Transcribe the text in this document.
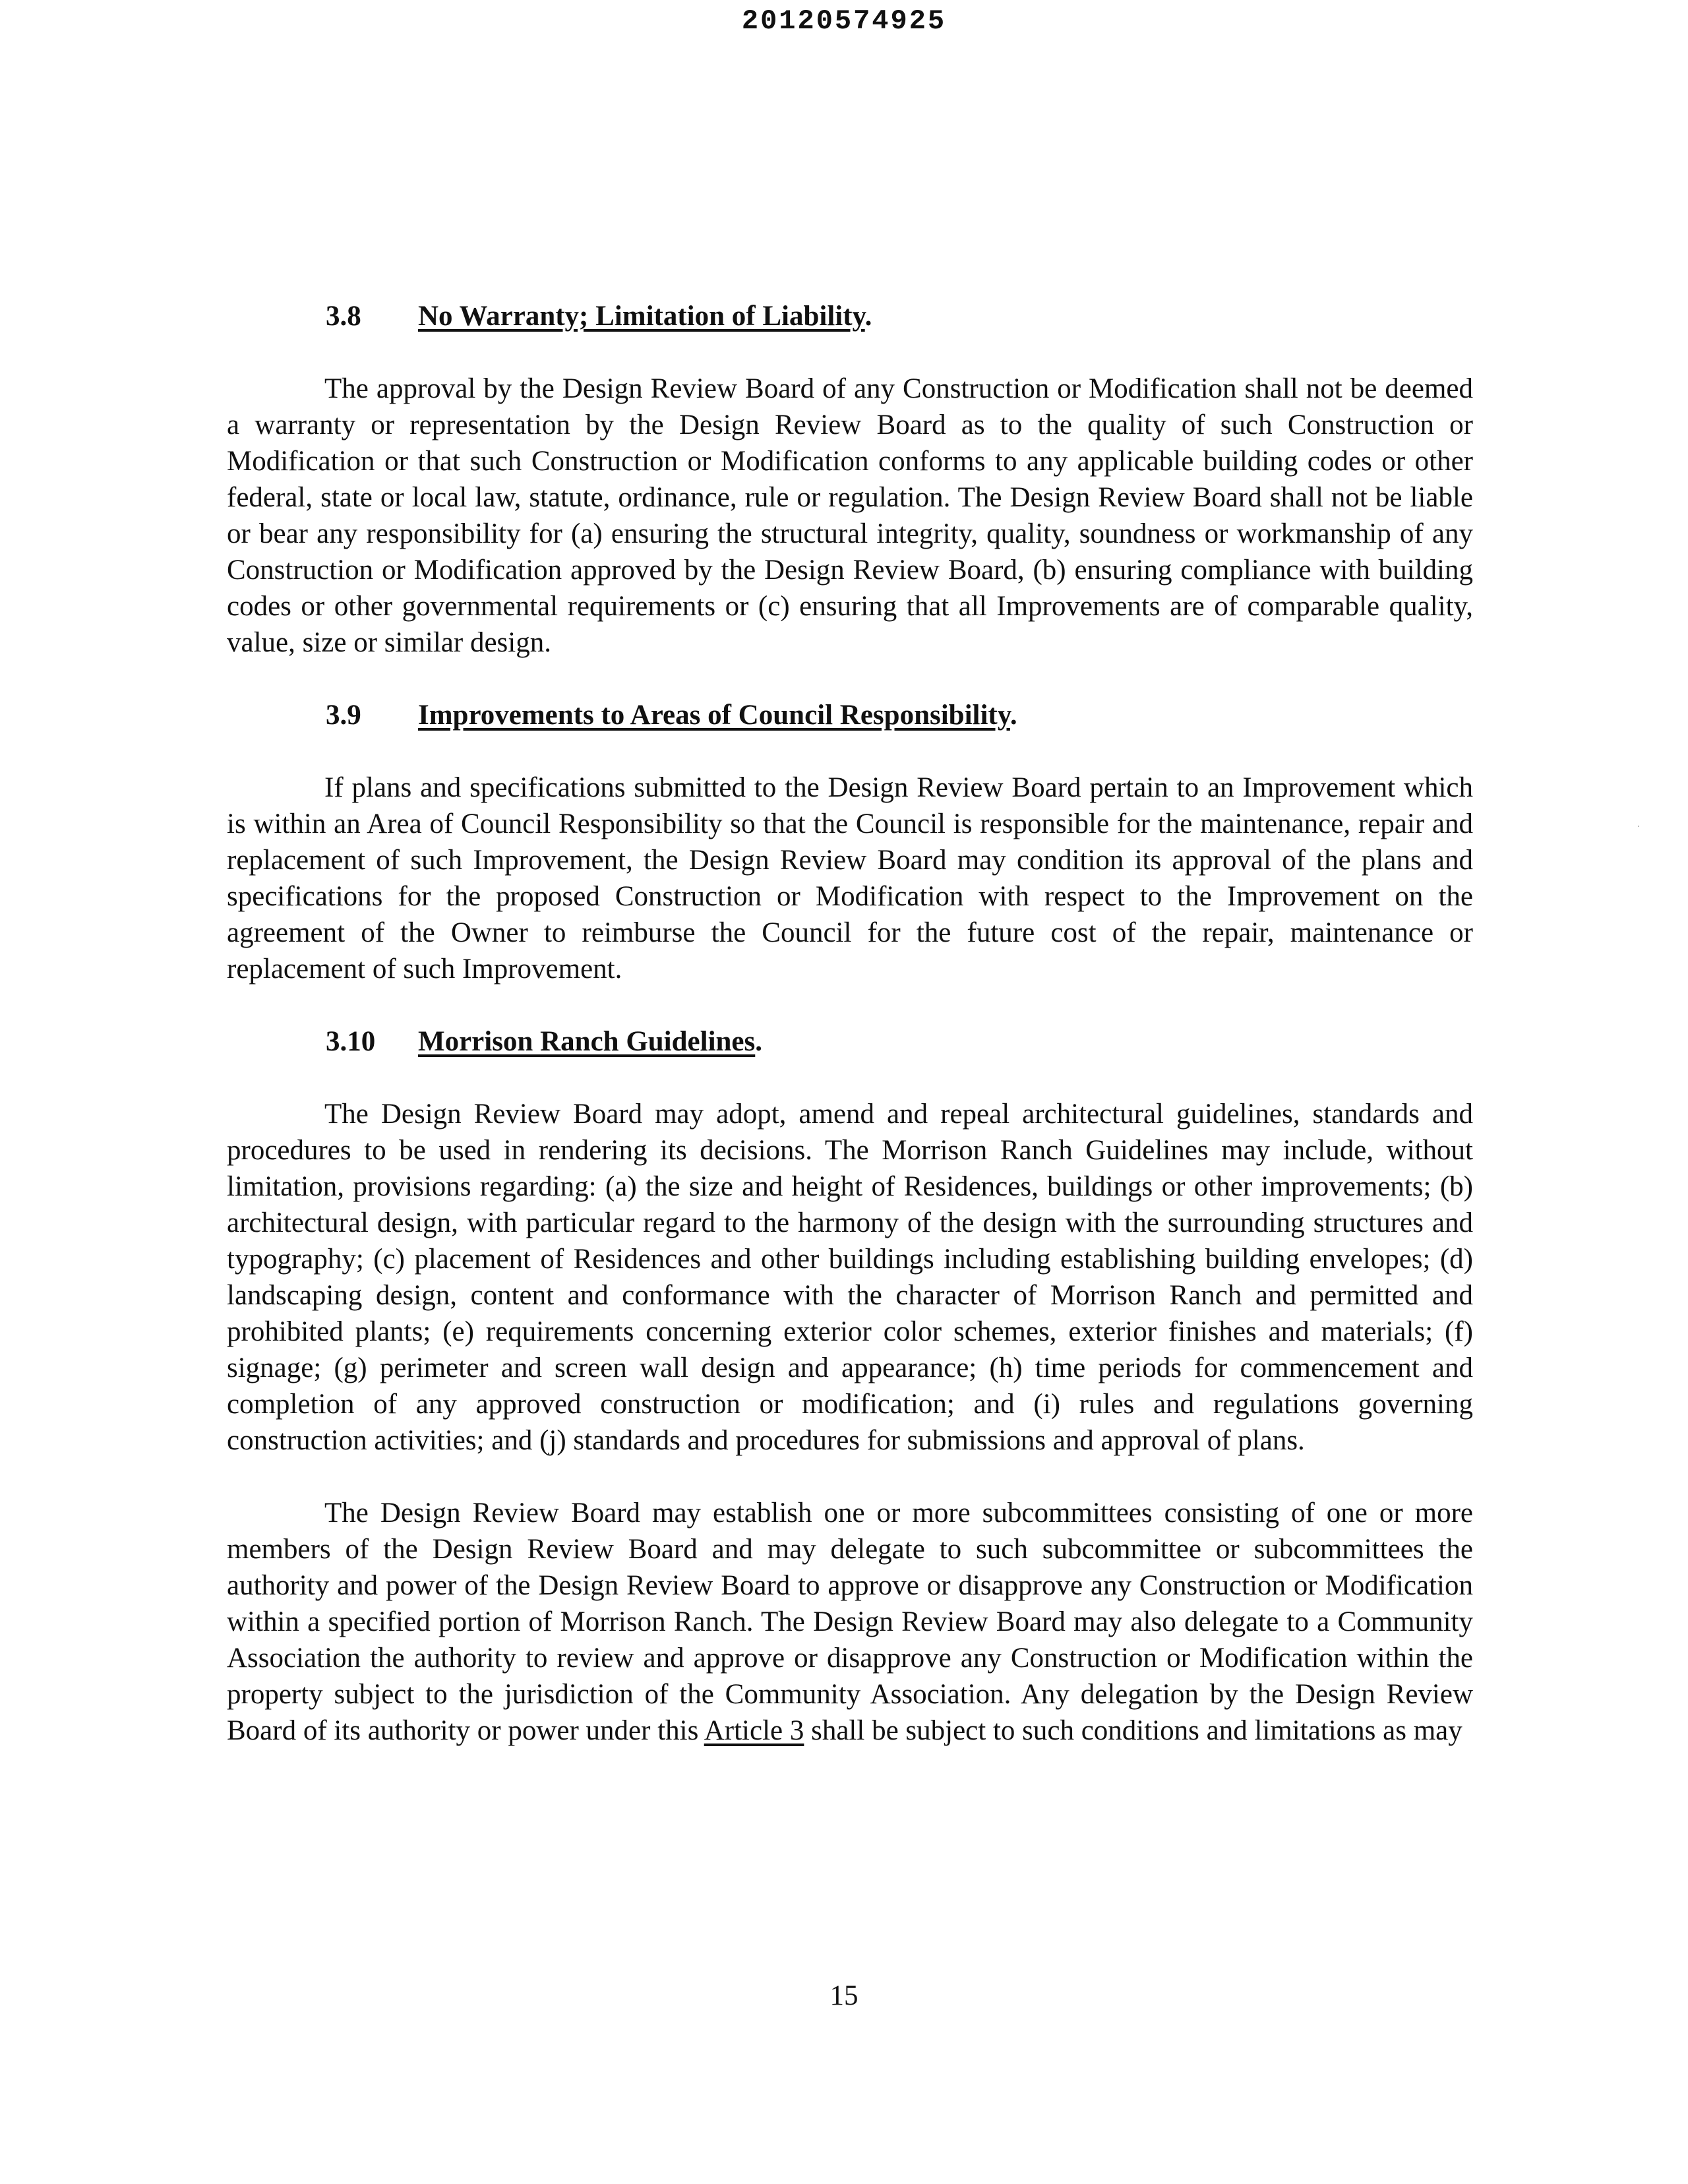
20120574925

3.8 No Warranty; Limitation of Liability.

The approval by the Design Review Board of any Construction or Modification shall not be deemed a warranty or representation by the Design Review Board as to the quality of such Construction or Modification or that such Construction or Modification conforms to any applicable building codes or other federal, state or local law, statute, ordinance, rule or regulation. The Design Review Board shall not be liable or bear any responsibility for (a) ensuring the structural integrity, quality, soundness or workmanship of any Construction or Modification approved by the Design Review Board, (b) ensuring compliance with building codes or other governmental requirements or (c) ensuring that all Improvements are of comparable quality, value, size or similar design.

3.9 Improvements to Areas of Council Responsibility.

If plans and specifications submitted to the Design Review Board pertain to an Improvement which is within an Area of Council Responsibility so that the Council is responsible for the maintenance, repair and replacement of such Improvement, the Design Review Board may condition its approval of the plans and specifications for the proposed Construction or Modification with respect to the Improvement on the agreement of the Owner to reimburse the Council for the future cost of the repair, maintenance or replacement of such Improvement.

3.10 Morrison Ranch Guidelines.

The Design Review Board may adopt, amend and repeal architectural guidelines, standards and procedures to be used in rendering its decisions. The Morrison Ranch Guidelines may include, without limitation, provisions regarding: (a) the size and height of Residences, buildings or other improvements; (b) architectural design, with particular regard to the harmony of the design with the surrounding structures and typography; (c) placement of Residences and other buildings including establishing building envelopes; (d) landscaping design, content and conformance with the character of Morrison Ranch and permitted and prohibited plants; (e) requirements concerning exterior color schemes, exterior finishes and materials; (f) signage; (g) perimeter and screen wall design and appearance; (h) time periods for commencement and completion of any approved construction or modification; and (i) rules and regulations governing construction activities; and (j) standards and procedures for submissions and approval of plans.

The Design Review Board may establish one or more subcommittees consisting of one or more members of the Design Review Board and may delegate to such subcommittee or subcommittees the authority and power of the Design Review Board to approve or disapprove any Construction or Modification within a specified portion of Morrison Ranch. The Design Review Board may also delegate to a Community Association the authority to review and approve or disapprove any Construction or Modification within the property subject to the jurisdiction of the Community Association. Any delegation by the Design Review Board of its authority or power under this Article 3 shall be subject to such conditions and limitations as may

15
